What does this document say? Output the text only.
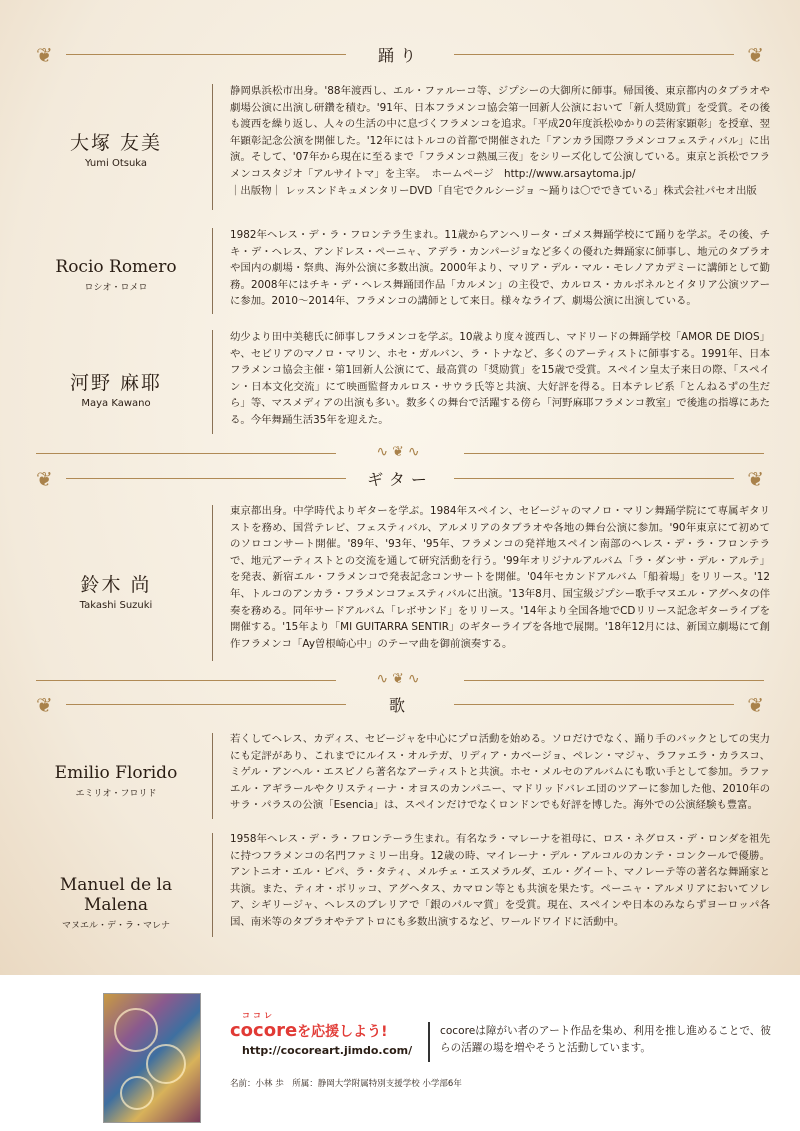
❦	踊り	❦
大塚 友美
Yumi Otsuka

静岡県浜松市出身。'88年渡西し、エル・ファルーコ等、ジプシーの大御所に師事。帰国後、東京都内のタブラオや劇場公演に出演し研鑽を積む。'91年、日本フラメンコ協会第一回新人公演において「新人奨励賞」を受賞。その後も渡西を繰り返し、人々の生活の中に息づくフラメンコを追求。「平成20年度浜松ゆかりの芸術家顕彰」を授章、翌年顕彰記念公演を開催した。'12年にはトルコの首都で開催された「アンカラ国際フラメンコフェスティバル」に出演。そして、'07年から現在に至るまで「フラメンコ熱風三夜」をシリーズ化して公演している。東京と浜松でフラメンコスタジオ「アルサイトマ」を主宰。　ホームページ　http://www.arsaytoma.jp/

｜出版物｜ レッスンドキュメンタリーDVD「自宅でクルシージョ 〜踊りは〇でできている」株式会社パセオ出版

Rocio Romero
ロシオ・ロメロ

1982年ヘレス・デ・ラ・フロンテラ生まれ。11歳からアンヘリータ・ゴメス舞踊学校にて踊りを学ぶ。その後、チキ・デ・ヘレス、アンドレス・ペーニャ、アデラ・カンパージョなど多くの優れた舞踊家に師事し、地元のタブラオや国内の劇場・祭典、海外公演に多数出演。2000年より、マリア・デル・マル・モレノアカデミーに講師として勤務。2008年にはチキ・デ・ヘレス舞踊団作品「カルメン」の主役で、カルロス・カルボネルとイタリア公演ツアーに参加。2010〜2014年、フラメンコの講師として来日。様々なライブ、劇場公演に出演している。

河野 麻耶
Maya Kawano

幼少より田中美穂氏に師事しフラメンコを学ぶ。10歳より度々渡西し、マドリードの舞踊学校「AMOR DE DIOS」や、セビリアのマノロ・マリン、ホセ・ガルバン、ラ・トナなど、多くのアーティストに師事する。1991年、日本フラメンコ協会主催・第1回新人公演にて、最高賞の「奨励賞」を15歳で受賞。スペイン皇太子来日の際、「スペイン・日本文化交流」にて映画監督カルロス・サウラ氏等と共演、大好評を得る。日本テレビ系「とんねるずの生だら」等、マスメディアの出演も多い。数多くの舞台で活躍する傍ら「河野麻耶フラメンコ教室」で後進の指導にあたる。今年舞踊生活35年を迎えた。

∿❦∿
❦	ギター	❦
鈴木 尚
Takashi Suzuki

東京都出身。中学時代よりギターを学ぶ。1984年スペイン、セビージャのマノロ・マリン舞踊学院にて専属ギタリストを務め、国営テレビ、フェスティバル、アルメリアのタブラオや各地の舞台公演に参加。'90年東京にて初めてのソロコンサート開催。'89年、'93年、'95年、フラメンコの発祥地スペイン南部のヘレス・デ・ラ・フロンテラで、地元アーティストとの交流を通して研究活動を行う。'99年オリジナルアルバム「ラ・ダンサ・デル・アルテ」を発表、新宿エル・フラメンコで発表記念コンサートを開催。'04年セカンドアルバム「船着場」をリリース。'12年、トルコのアンカラ・フラメンコフェスティバルに出演。'13年8月、国宝級ジプシー歌手マヌエル・アグヘタの伴奏を務める。同年サードアルバム「レボサンド」をリリース。'14年より全国各地でCDリリース記念ギターライブを開催する。'15年より「MI GUITARRA SENTIR」のギターライブを各地で展開。'18年12月には、新国立劇場にて創作フラメンコ「Ay曽根崎心中」のテーマ曲を御前演奏する。

∿❦∿
❦	歌	❦
Emilio Florido
エミリオ・フロリド

若くしてヘレス、カディス、セビージャを中心にプロ活動を始める。ソロだけでなく、踊り手のバックとしての実力にも定評があり、これまでにルイス・オルテガ、リディア・カベージョ、ペレン・マジャ、ラファエラ・カラスコ、ミゲル・アンヘル・エスピノら著名なアーティストと共演。ホセ・メルセのアルバムにも歌い手として参加。ラファエル・アギラールやクリスティーナ・オヨスのカンパニー、マドリッドバレエ団のツアーに参加した他、2010年のサラ・パラスの公演「Esencia」は、スペインだけでなくロンドンでも好評を博した。海外での公演経験も豊富。

Manuel de la Malena
マヌエル・デ・ラ・マレナ

1958年ヘレス・デ・ラ・フロンテーラ生まれ。有名なラ・マレーナを祖母に、ロス・ネグロス・デ・ロンダを祖先に持つフラメンコの名門ファミリー出身。12歳の時、マイレーナ・デル・アルコルのカンテ・コンクールで優勝。アントニオ・エル・ピパ、ラ・タティ、メルチェ・エスメラルダ、エル・グイート、マノレーテ等の著名な舞踊家と共演。また、ティオ・ボリッコ、アグヘタス、カマロン等とも共演を果たす。ペーニャ・アルメリアにおいてソレア、シギリージャ、ヘレスのブレリアで「銀のパルマ賞」を受賞。現在、スペインや日本のみならずヨーロッパ各国、南米等のタブラオやテアトロにも多数出演するなど、ワールドワイドに活動中。

ココレ
cocoreを応援しよう!
http://cocoreart.jimdo.com/
cocoreは障がい者のアート作品を集め、利用を推し進めることで、彼らの活躍の場を増やそうと活動しています。
名前：小林 歩　所属：静岡大学附属特別支援学校 小学部6年
